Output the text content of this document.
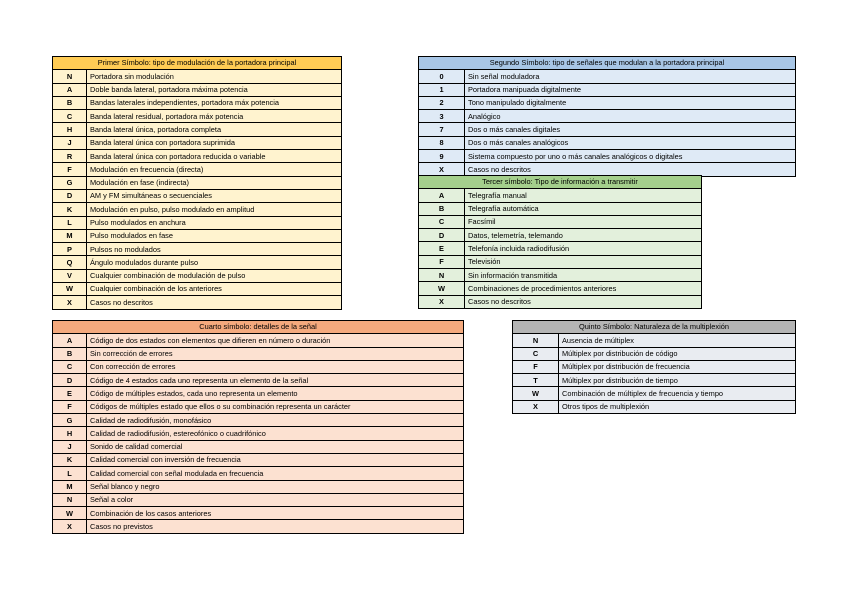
Primer Símbolo: tipo de modulación de la portadora principal	
N	Portadora sin modulación
A	Doble banda lateral, portadora máxima potencia
B	Bandas laterales independientes, portadora máx potencia
C	Banda lateral residual, portadora máx potencia
H	Banda lateral única, portadora completa
J	Banda lateral única con portadora suprimida
R	Banda lateral única con portadora reducida o variable
F	Modulación en frecuencia (directa)
G	Modulación en fase (indirecta)
D	AM y FM simultáneas o secuenciales
K	Modulación en pulso, pulso modulado en amplitud
L	Pulso modulados en anchura
M	Pulso modulados en fase
P	Pulsos no modulados
Q	Ángulo modulados durante pulso
V	Cualquier combinación de modulación de pulso
W	Cualquier combinación de los anteriores
X	Casos no descritos
Segundo Símbolo: tipo de señales que modulan a la portadora principal	
0	Sin señal moduladora
1	Portadora manipuada digitalmente
2	Tono manipulado digitalmente
3	Analógico
7	Dos o más canales digitales
8	Dos o más canales analógicos
9	Sistema compuesto por uno o más canales analógicos o digitales
X	Casos no descritos
Tercer símbolo: Tipo de información a transmitir	
A	Telegrafía manual
B	Telegrafía automática
C	Facsímil
D	Datos, telemetría, telemando
E	Telefonía incluida radiodifusión
F	Televisión
N	Sin información transmitida
W	Combinaciones de procedimientos anteriores
X	Casos no descritos
Cuarto símbolo: detalles de la señal	
A	Código de dos estados con elementos que difieren en número o duración
B	Sin corrección de errores
C	Con corrección de errores
D	Código de 4 estados cada uno representa un elemento de la señal
E	Código de múltiples estados, cada uno representa un elemento
F	Códigos de múltiples estado que ellos o su combinación representa un carácter
G	Calidad de radiodifusión, monofásico
H	Calidad de radiodifusión, estereofónico o cuadrifónico
J	Sonido de calidad comercial
K	Calidad comercial con inversión de frecuencia
L	Calidad comercial con señal modulada en frecuencia
M	Señal blanco y negro
N	Señal a color
W	Combinación de los casos anteriores
X	Casos no previstos
Quinto Símbolo: Naturaleza de la multiplexión	
N	Ausencia de múltiplex
C	Múltiplex por distribución de código
F	Múltiplex por distribución de frecuencia
T	Múltiplex por distribución de tiempo
W	Combinación de múltiplex de frecuencia y tiempo
X	Otros tipos de multiplexión
